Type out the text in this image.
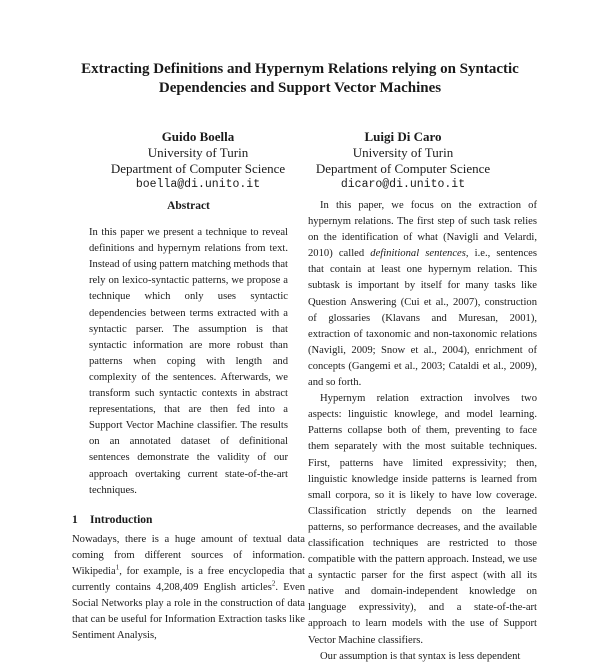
Extracting Definitions and Hypernym Relations relying on Syntactic
Dependencies and Support Vector Machines
Guido Boella
University of Turin
Department of Computer Science
boella@di.unito.it
Luigi Di Caro
University of Turin
Department of Computer Science
dicaro@di.unito.it
Abstract

In this paper we present a technique to reveal definitions and hypernym relations from text. Instead of using pattern matching methods that rely on lexico-syntactic patterns, we propose a technique which only uses syntactic dependencies between terms extracted with a syntactic parser. The assumption is that syntactic information are more robust than patterns when coping with length and complexity of the sentences. Afterwards, we transform such syntactic contexts in abstract representations, that are then fed into a Support Vector Machine classifier. The results on an annotated dataset of definitional sentences demonstrate the validity of our approach overtaking current state-of-the-art techniques.

1 Introduction

Nowadays, there is a huge amount of textual data coming from different sources of information. Wikipedia$^1$, for example, is a free encyclopedia that currently contains 4,208,409 English articles$^2$. Even Social Networks play a role in the construction of data that can be useful for Information Extraction tasks like Sentiment Analysis,

In this paper, we focus on the extraction of hypernym relations. The first step of such task relies on the identification of what (Navigli and Velardi, 2010) called definitional sentences, i.e., sentences that contain at least one hypernym relation. This subtask is important by itself for many tasks like Question Answering (Cui et al., 2007), construction of glossaries (Klavans and Muresan, 2001), extraction of taxonomic and non-taxonomic relations (Navigli, 2009; Snow et al., 2004), enrichment of concepts (Gangemi et al., 2003; Cataldi et al., 2009), and so forth.

Hypernym relation extraction involves two aspects: linguistic knowlege, and model learning. Patterns collapse both of them, preventing to face them separately with the most suitable techniques. First, patterns have limited expressivity; then, linguistic knowledge inside patterns is learned from small corpora, so it is likely to have low coverage. Classification strictly depends on the learned patterns, so performance decreases, and the available classification techniques are restricted to those compatible with the pattern approach. Instead, we use a syntactic parser for the first aspect (with all its native and domain-independent knowledge on language expressivity), and a state-of-the-art approach to learn models with the use of Support Vector Machine classifiers.

Our assumption is that syntax is less dependent
